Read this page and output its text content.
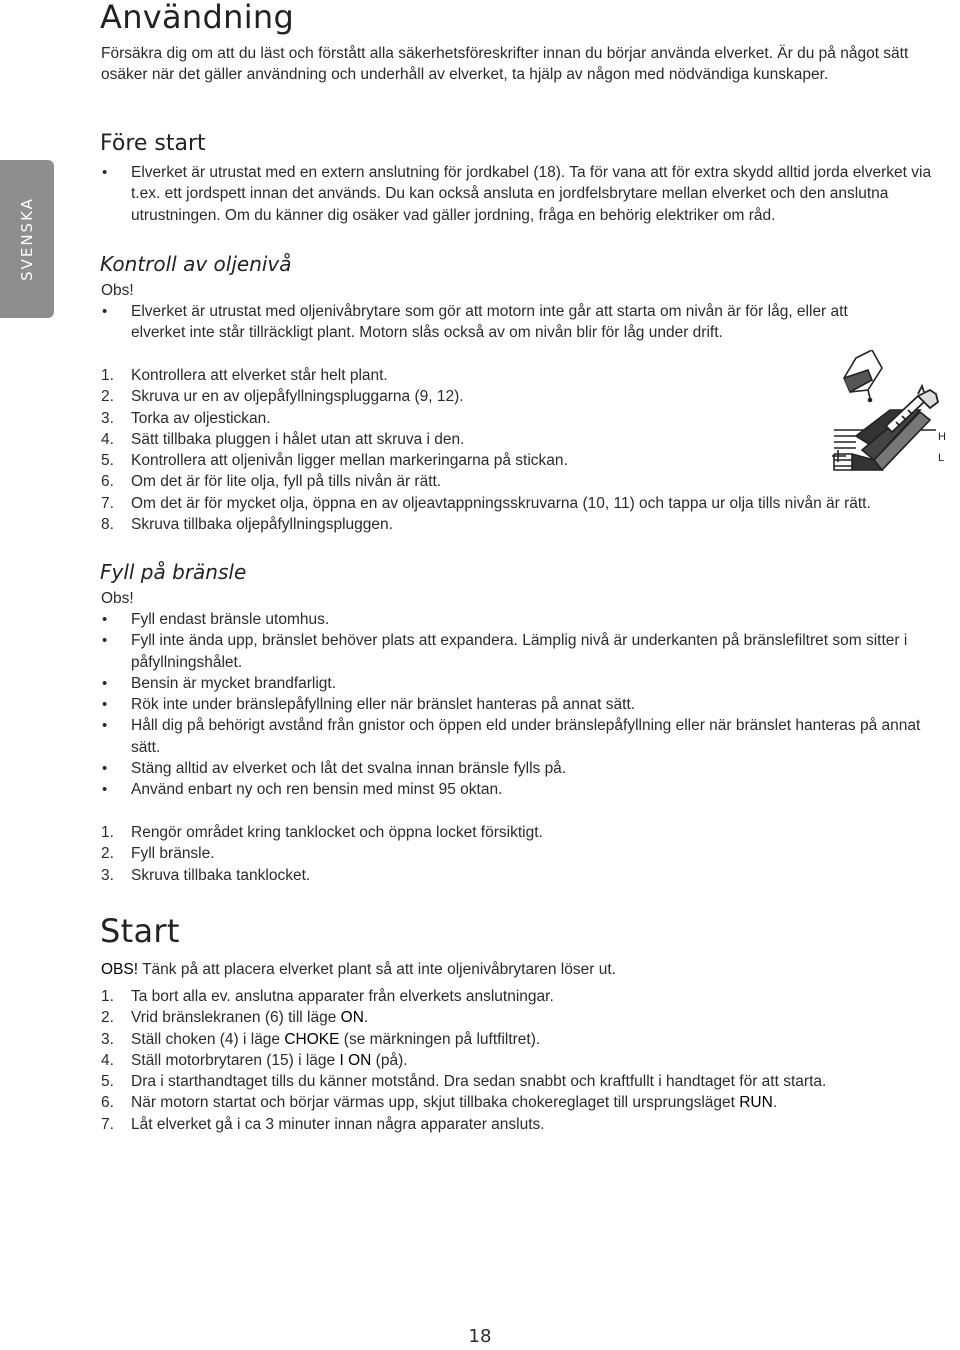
SVENSKA
Användning

Försäkra dig om att du läst och förstått alla säkerhetsföreskrifter innan du börjar använda elverket. Är du på något sätt osäker när det gäller användning och underhåll av elverket, ta hjälp av någon med nödvändiga kunskaper.

Före start
• Elverket är utrustat med en extern anslutning för jordkabel (18). Ta för vana att för extra skydd alltid jorda elverket via t.ex. ett jordspett innan det används. Du kan också ansluta en jordfelsbrytare mellan elverket och den anslutna utrustningen. Om du känner dig osäker vad gäller jordning, fråga en behörig elektriker om råd.
Kontroll av oljenivå

Obs!

• Elverket är utrustat med oljenivåbrytare som gör att motorn inte går att starta om nivån är för låg, eller att elverket inte står tillräckligt plant. Motorn slås också av om nivån blir för låg under drift.
1. Kontrollera att elverket står helt plant.
2. Skruva ur en av oljepåfyllningspluggarna (9, 12).
3. Torka av oljestickan.
4. Sätt tillbaka pluggen i hålet utan att skruva i den.
5. Kontrollera att oljenivån ligger mellan markeringarna på stickan.
6. Om det är för lite olja, fyll på tills nivån är rätt.
7. Om det är för mycket olja, öppna en av oljeavtappningsskruvarna (10, 11) och tappa ur olja tills nivån är rätt.
8. Skruva tillbaka oljepåfyllningspluggen.
H
L
Fyll på bränsle

Obs!

• Fyll endast bränsle utomhus.
• Fyll inte ända upp, bränslet behöver plats att expandera. Lämplig nivå är underkanten på bränslefiltret som sitter i påfyllningshålet.
• Bensin är mycket brandfarligt.
• Rök inte under bränslepåfyllning eller när bränslet hanteras på annat sätt.
• Håll dig på behörigt avstånd från gnistor och öppen eld under bränslepåfyllning eller när bränslet hanteras på annat sätt.
• Stäng alltid av elverket och låt det svalna innan bränsle fylls på.
• Använd enbart ny och ren bensin med minst 95 oktan.
1. Rengör området kring tanklocket och öppna locket försiktigt.
2. Fyll bränsle.
3. Skruva tillbaka tanklocket.
Start

OBS! Tänk på att placera elverket plant så att inte oljenivåbrytaren löser ut.

1. Ta bort alla ev. anslutna apparater från elverkets anslutningar.
2. Vrid bränslekranen (6) till läge ON.
3. Ställ choken (4) i läge CHOKE (se märkningen på luftfiltret).
4. Ställ motorbrytaren (15) i läge I ON (på).
5. Dra i starthandtaget tills du känner motstånd. Dra sedan snabbt och kraftfullt i handtaget för att starta.
6. När motorn startat och börjar värmas upp, skjut tillbaka chokereglaget till ursprungsläget RUN.
7. Låt elverket gå i ca 3 minuter innan några apparater ansluts.
18
